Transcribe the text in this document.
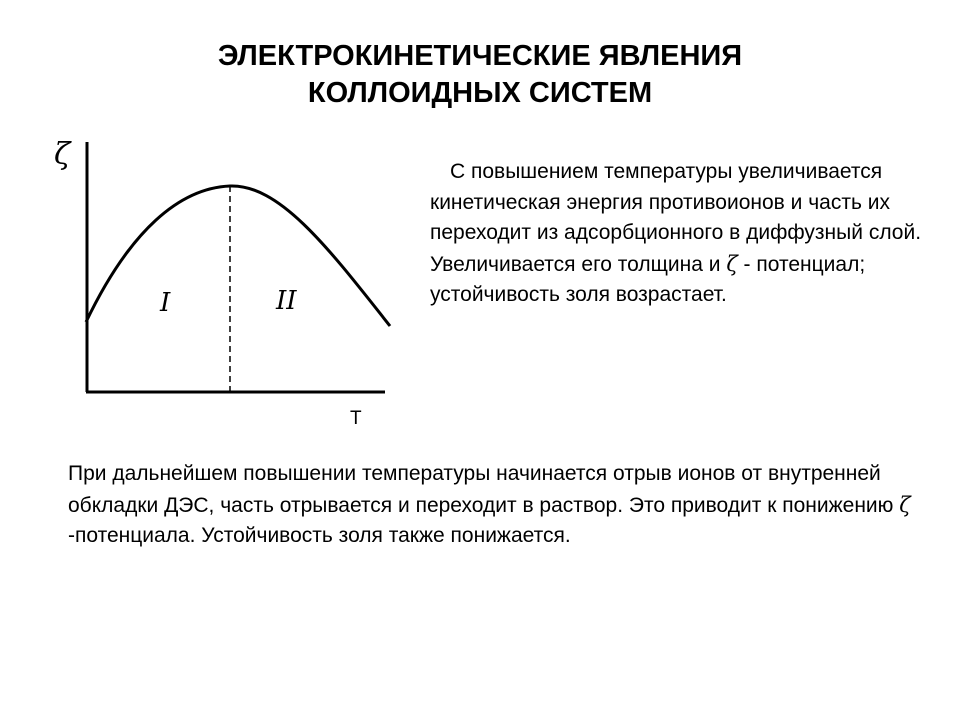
ЭЛЕКТРОКИНЕТИЧЕСКИЕ ЯВЛЕНИЯ
КОЛЛОИДНЫХ СИСТЕМ
ζ
T
I	II
С повышением температуры увеличивается кинетическая энергия противоионов и часть их переходит из адсорбционного в диффузный слой. Увеличивается его толщина и ζ - потенциал; устойчивость золя возрастает.
При дальнейшем повышении температуры начинается отрыв ионов от внутренней обкладки ДЭС, часть отрывается и переходит в раствор. Это приводит к понижению ζ -потенциала. Устойчивость золя также понижается.
